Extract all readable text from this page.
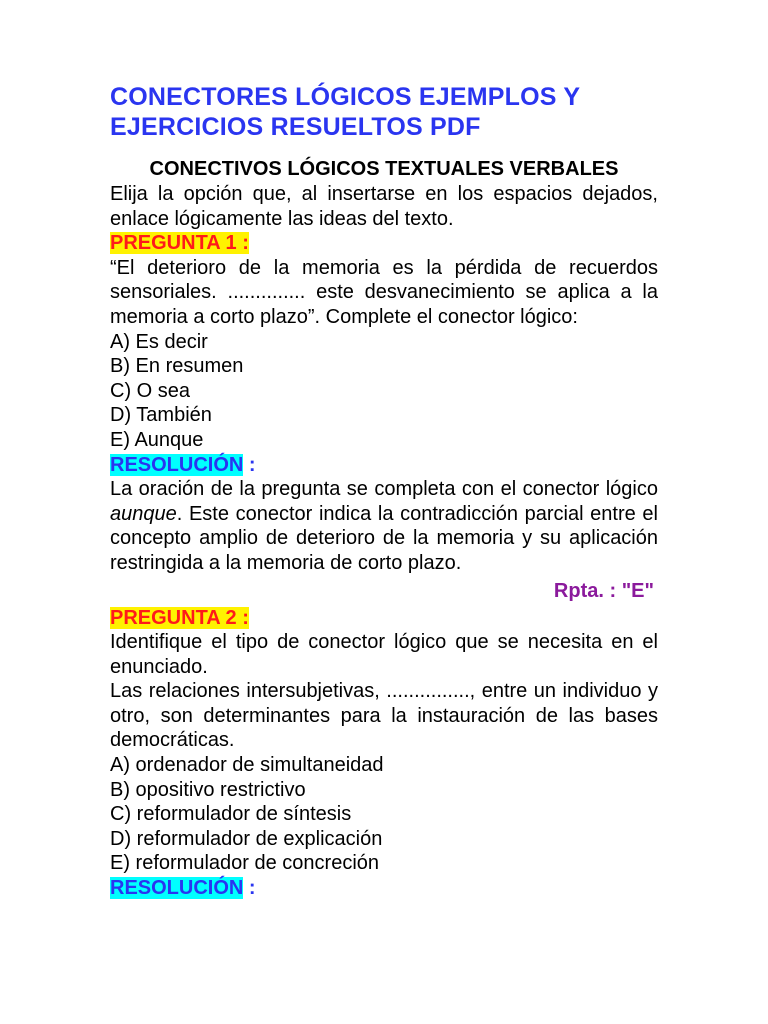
CONECTORES LÓGICOS EJEMPLOS Y EJERCICIOS RESUELTOS PDF
CONECTIVOS LÓGICOS TEXTUALES VERBALES

Elija la opción que, al insertarse en los espacios dejados, enlace lógicamente las ideas del texto.

PREGUNTA 1 :

“El deterioro de la memoria es la pérdida de recuerdos sensoriales. .............. este desvanecimiento se aplica a la memoria a corto plazo”. Complete el conector lógico:

A) Es decir

B) En resumen

C) O sea

D) También

E) Aunque

RESOLUCIÓN :

La oración de la pregunta se completa con el conector lógico aunque. Este conector indica la contradicción parcial entre el concepto amplio de deterioro de la memoria y su aplicación restringida a la memoria de corto plazo.

Rpta. : "E"

PREGUNTA 2 :

Identifique el tipo de conector lógico que se necesita en el enunciado.

Las relaciones intersubjetivas, ..............., entre un individuo y otro, son determinantes para la instauración de las bases democráticas.

A) ordenador de simultaneidad

B) opositivo restrictivo

C) reformulador de síntesis

D) reformulador de explicación

E) reformulador de concreción

RESOLUCIÓN :
